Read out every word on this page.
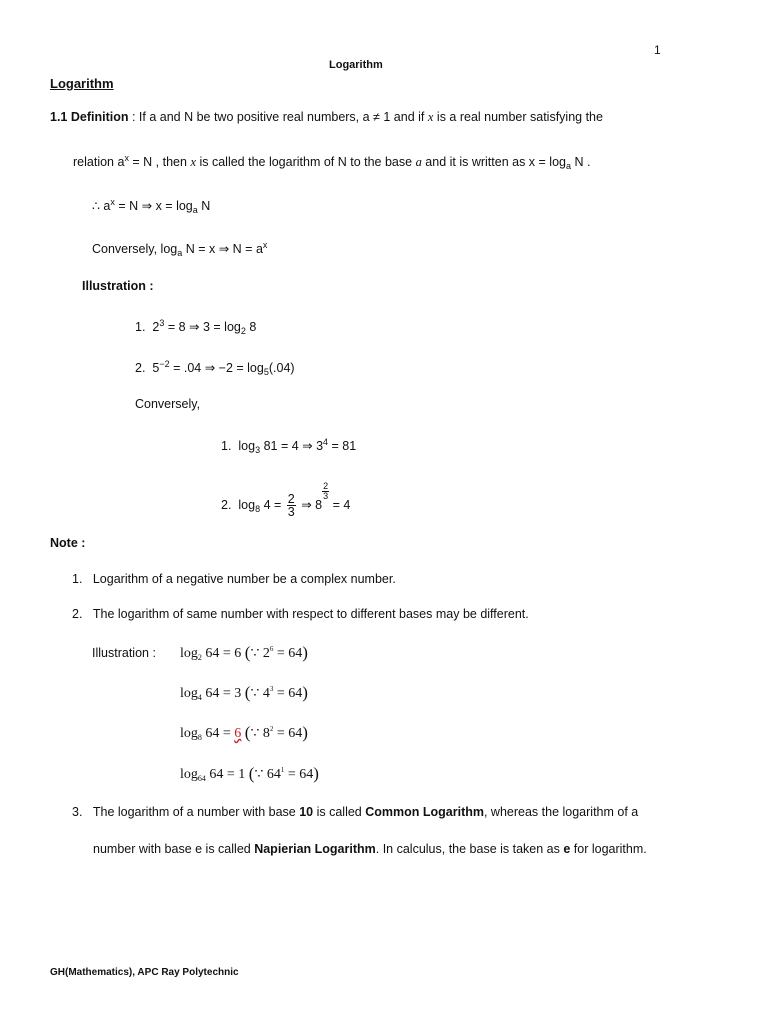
1
Logarithm
Logarithm
1.1 Definition : If a and N be two positive real numbers, a ≠ 1 and if x is a real number satisfying the
relation $a^x = N$ , then x is called the logarithm of N to the base a and it is written as $x = \log_a N$ .
∴ $a^x = N$ ⇒ $x = \log_a N$
Conversely, $\log_a N = x$ ⇒ $N = a^x$
Illustration :
1. $2^3 = 8$ ⇒ $3 = \log_2 8$
2. $5^{-2} = .04$ ⇒ $-2 = \log_5(.04)$
Conversely,
1. $\log_3 81 = 4$ ⇒ $3^4 = 81$
2. $\log_8 4 = \frac{2}{3}$ ⇒ 8
$\frac{2}{3}$
= 4
Note :
1. Logarithm of a negative number be a complex number.
2. The logarithm of same number with respect to different bases may be different.
Illustration : $\log_2 64 = 6$ (∵ $2^6 = 64$)
$\log_4 64 = 3$ (∵ $4^3 = 64$)
$\log_8 64 = 6$ (∵ $8^2 = 64$)
$\log_{64} 64 = 1$ (∵ $64^1 = 64$)
3. The logarithm of a number with base 10 is called Common Logarithm, whereas the logarithm of a
number with base e is called Napierian Logarithm. In calculus, the base is taken as e for logarithm.
GH(Mathematics), APC Ray Polytechnic
